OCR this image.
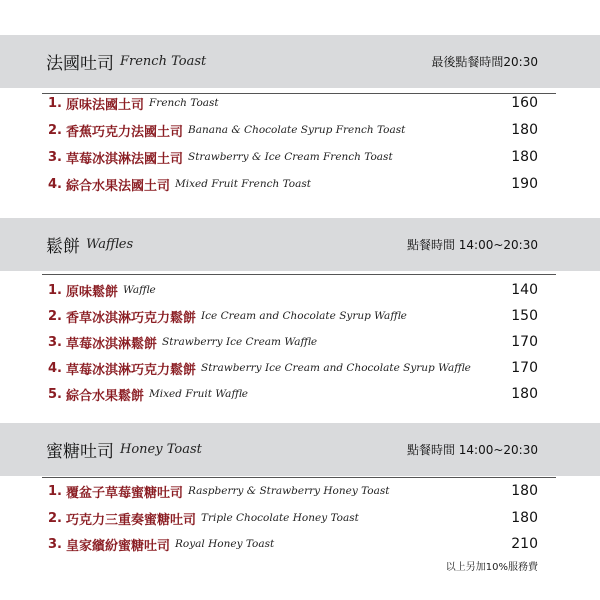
法國吐司 French Toast	最後點餐時間20:30
1. 原味法國土司 French Toast	160
2. 香蕉巧克力法國土司 Banana & Chocolate Syrup French Toast	180
3. 草莓冰淇淋法國土司 Strawberry & Ice Cream French Toast	180
4. 綜合水果法國土司 Mixed Fruit French Toast	190
鬆餅 Waffles	點餐時間 14:00~20:30
1. 原味鬆餅 Waffle	140
2. 香草冰淇淋巧克力鬆餅 Ice Cream and Chocolate Syrup Waffle	150
3. 草莓冰淇淋鬆餅 Strawberry Ice Cream Waffle	170
4. 草莓冰淇淋巧克力鬆餅 Strawberry Ice Cream and Chocolate Syrup Waffle	170
5. 綜合水果鬆餅 Mixed Fruit Waffle	180
蜜糖吐司 Honey Toast	點餐時間 14:00~20:30
1. 覆盆子草莓蜜糖吐司 Raspberry & Strawberry Honey Toast	180
2. 巧克力三重奏蜜糖吐司 Triple Chocolate Honey Toast	180
3. 皇家繽紛蜜糖吐司 Royal Honey Toast	210
以上另加10%服務費
